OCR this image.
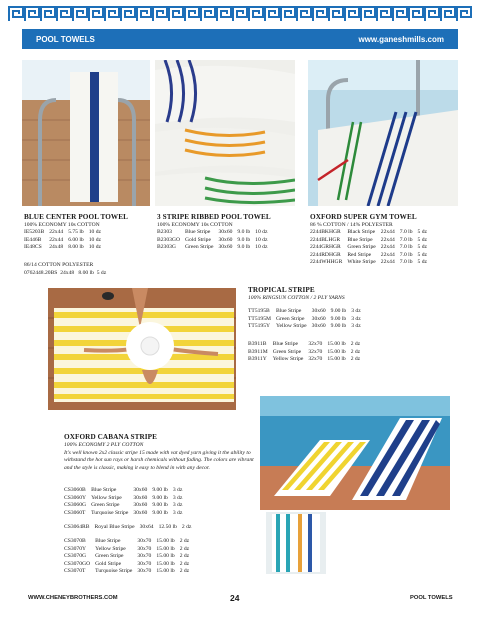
POOL TOWELS	www.ganeshmills.com
BLUE CENTER POOL TOWEL
100% ECONOMY 10s COTTON
IE5203B	22x44	5.75 lb	10 dz
IE446B	22x44	6.00 lb	10 dz
IE48CS	24x48	8.00 lb	10 dz
86/14 COTTON POLYESTER
0762448.20BS  24x48   8.00 lb  5 dz
3 STRIPE RIBBED POOL TOWEL
100% ECONOMY 10s COTTON
B2303	Blue Stripe	30x60	9.0 lb	10 dz
B2303GO	Gold Stripe	30x60	9.0 lb	10 dz
B2303G	Green Stripe	30x60	9.0 lb	10 dz
OXFORD SUPER GYM TOWEL
86 % COTTON / 14% POLYESTER
2244BKHGR	Black Stripe	22x44	7.0 lb	5 dz
2244BLHGR	Blue Stripe	22x44	7.0 lb	5 dz
2244GRHGR	Green Stripe	22x44	7.0 lb	5 dz
2244RDHGR	Red Stripe	22x44	7.0 lb	5 dz
2244WHHGR	White Stripe	22x44	7.0 lb	5 dz
TROPICAL STRIPE
100% RINGSUN COTTON / 2 PLY YARNS
TT5195B	Blue Stripe	30x60	9.00 lb	3 dz
TT5195M	Green Stripe	30x60	9.00 lb	3 dz
TT5195Y	Yellow Stripe	30x60	9.00 lb	3 dz
B3911B	Blue Stripe	32x70	15.00 lb	2 dz
B3911M	Green Stripe	32x70	15.00 lb	2 dz
B3911Y	Yellow Stripe	32x70	15.00 lb	2 dz
OXFORD CABANA STRIPE
100% ECONOMY 2 PLY COTTON
It's well known 2x2 classic stripe 15 made with vat dyed yarn giving it the ability to withstand the hot sun rays or harsh chemicals without fading. The colors are vibrant and the style is classic, making it easy to blend in with any decor.
CS3060B	Blue Stripe	30x60	9.00 lb	3 dz
CS3060Y	Yellow Stripe	30x60	9.00 lb	3 dz
CS3060G	Green Stripe	30x60	9.00 lb	3 dz
CS3060T	Turquoise Stripe	30x60	9.00 lb	3 dz
CS3064RB	Royal Blue Stripe	30x64	12.50 lb	2 dz
CS3070B	Blue Stripe	30x70	15.00 lb	2 dz
CS3070Y	Yellow Stripe	30x70	15.00 lb	2 dz
CS3070G	Green Stripe	30x70	15.00 lb	2 dz
CS3070GO	Gold Stripe	30x70	15.00 lb	2 dz
CS3070T	Turquoise Stripe	30x70	15.00 lb	2 dz
WWW.CHENEYBROTHERS.COM	24	POOL TOWELS
